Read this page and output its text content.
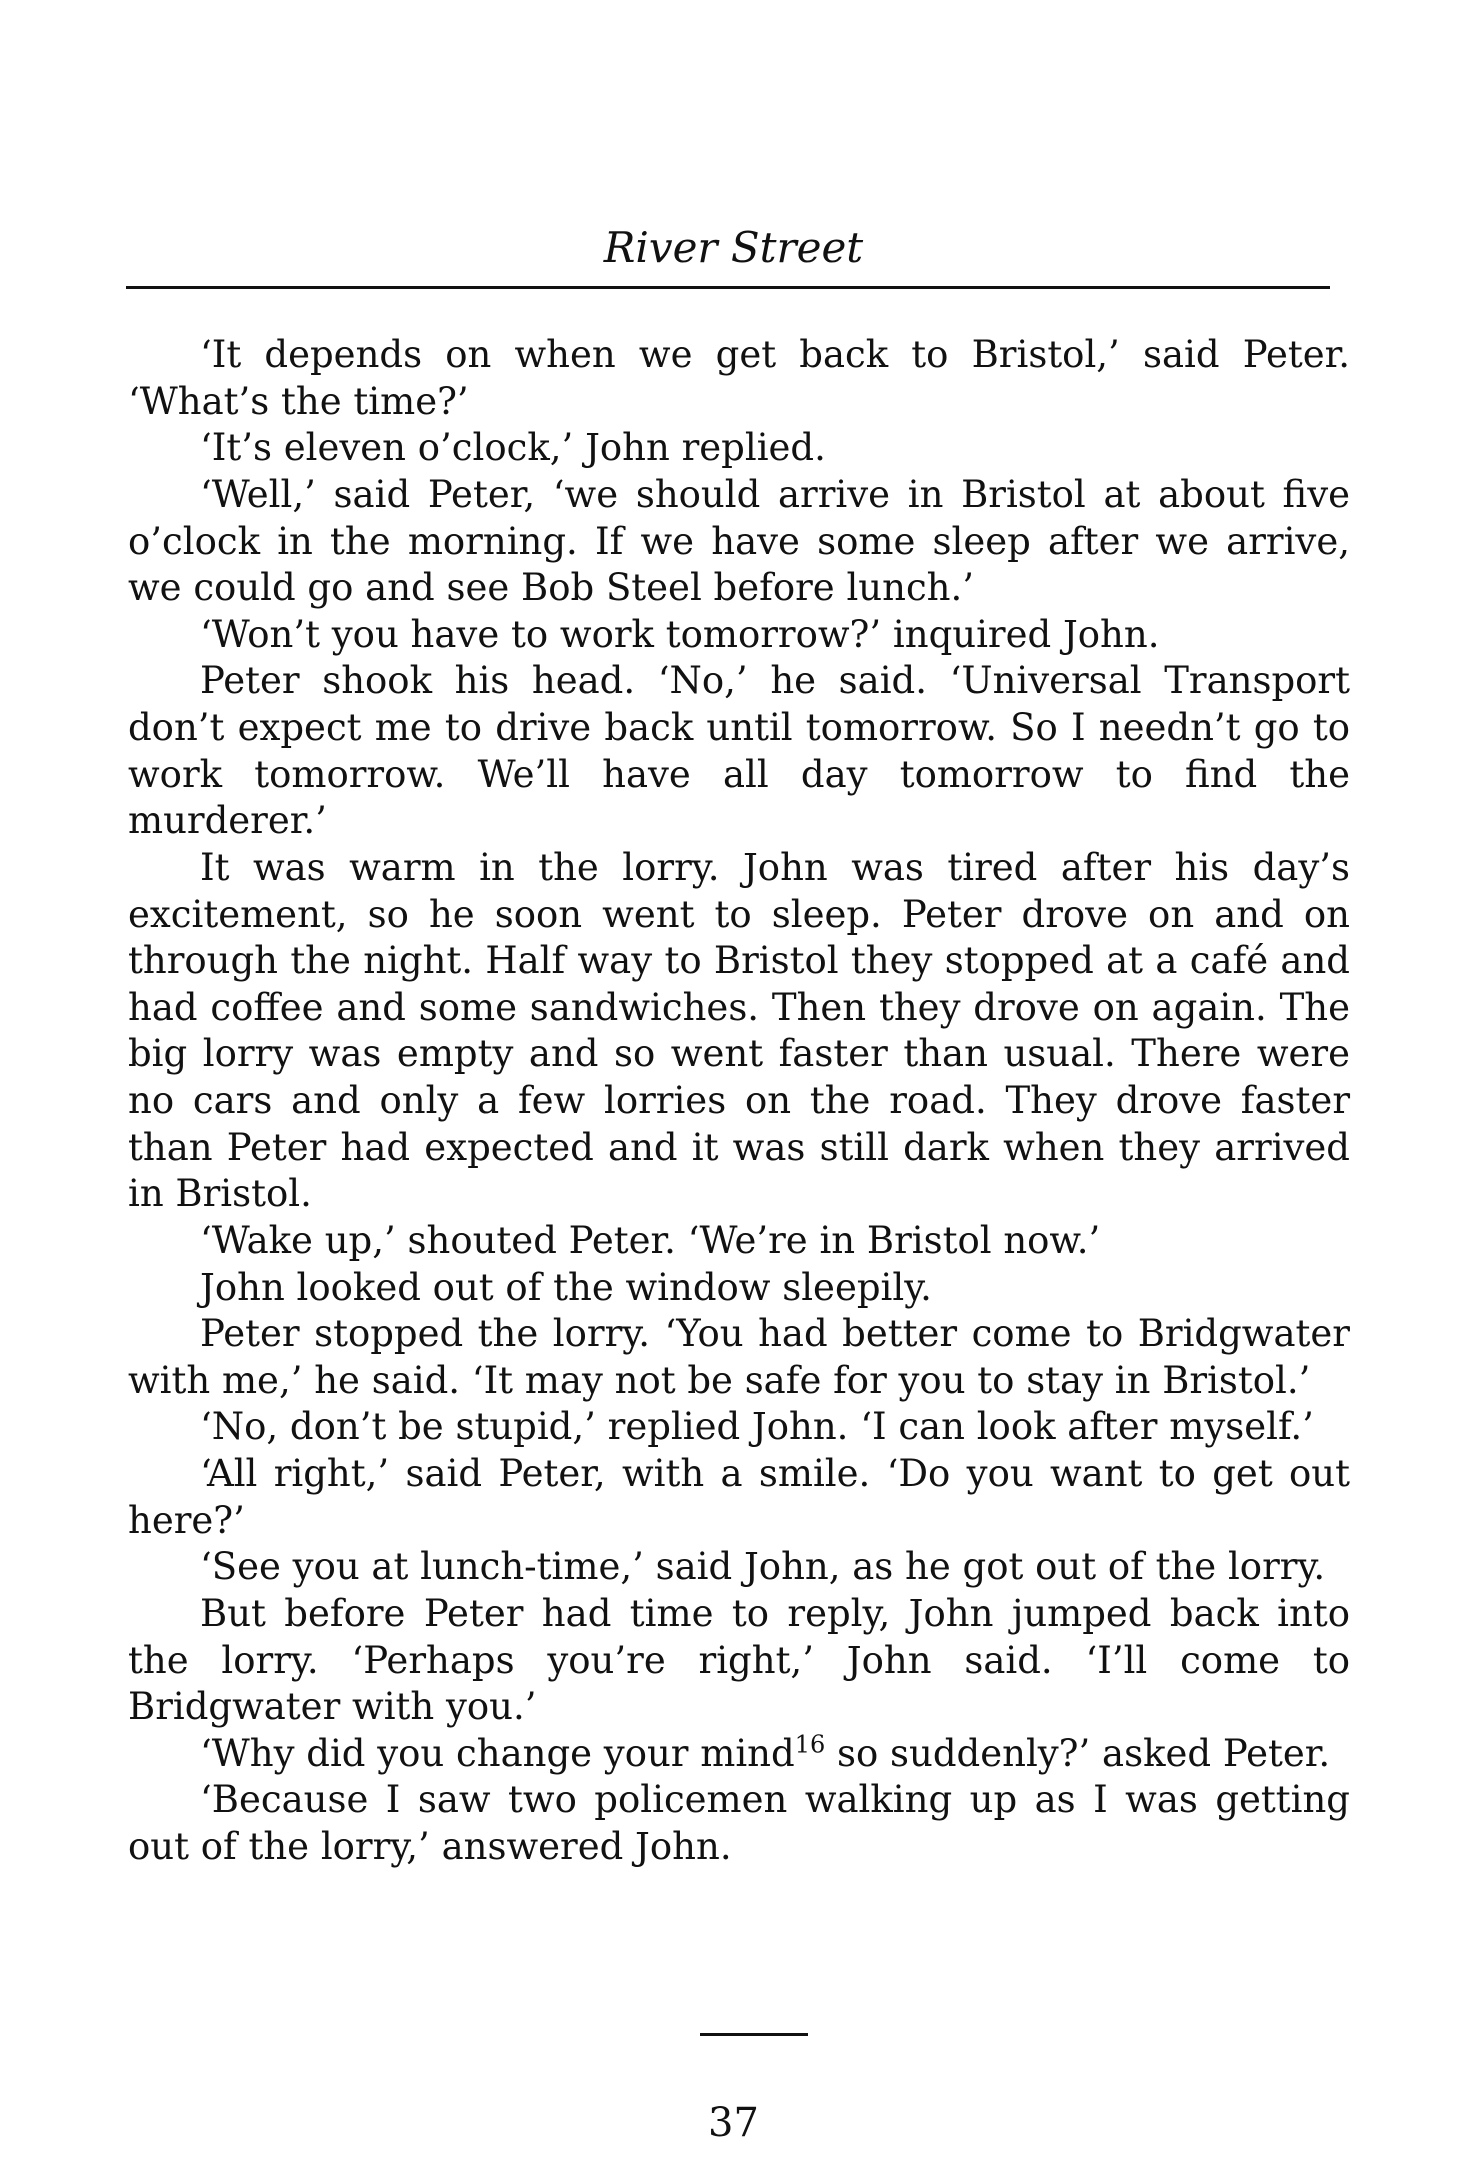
River Street

‘It depends on when we get back to Bristol,’ said Peter. ‘What’s the time?’

‘It’s eleven o’clock,’ John replied.

‘Well,’ said Peter, ‘we should arrive in Bristol at about five o’clock in the morning. If we have some sleep after we arrive, we could go and see Bob Steel before lunch.’

‘Won’t you have to work tomorrow?’ inquired John.

Peter shook his head. ‘No,’ he said. ‘Universal Transport don’t expect me to drive back until tomorrow. So I needn’t go to work tomorrow. We’ll have all day tomorrow to find the murderer.’

It was warm in the lorry. John was tired after his day’s excitement, so he soon went to sleep. Peter drove on and on through the night. Half way to Bristol they stopped at a café and had coffee and some sandwiches. Then they drove on again. The big lorry was empty and so went faster than usual. There were no cars and only a few lorries on the road. They drove faster than Peter had expected and it was still dark when they arrived in Bristol.

‘Wake up,’ shouted Peter. ‘We’re in Bristol now.’

John looked out of the window sleepily.

Peter stopped the lorry. ‘You had better come to Bridgwater with me,’ he said. ‘It may not be safe for you to stay in Bristol.’

‘No, don’t be stupid,’ replied John. ‘I can look after myself.’

‘All right,’ said Peter, with a smile. ‘Do you want to get out here?’

‘See you at lunch-time,’ said John, as he got out of the lorry.

But before Peter had time to reply, John jumped back into the lorry. ‘Perhaps you’re right,’ John said. ‘I’ll come to Bridgwater with you.’

‘Why did you change your mind$^{16}$ so suddenly?’ asked Peter.

‘Because I saw two policemen walking up as I was getting out of the lorry,’ answered John.

37
